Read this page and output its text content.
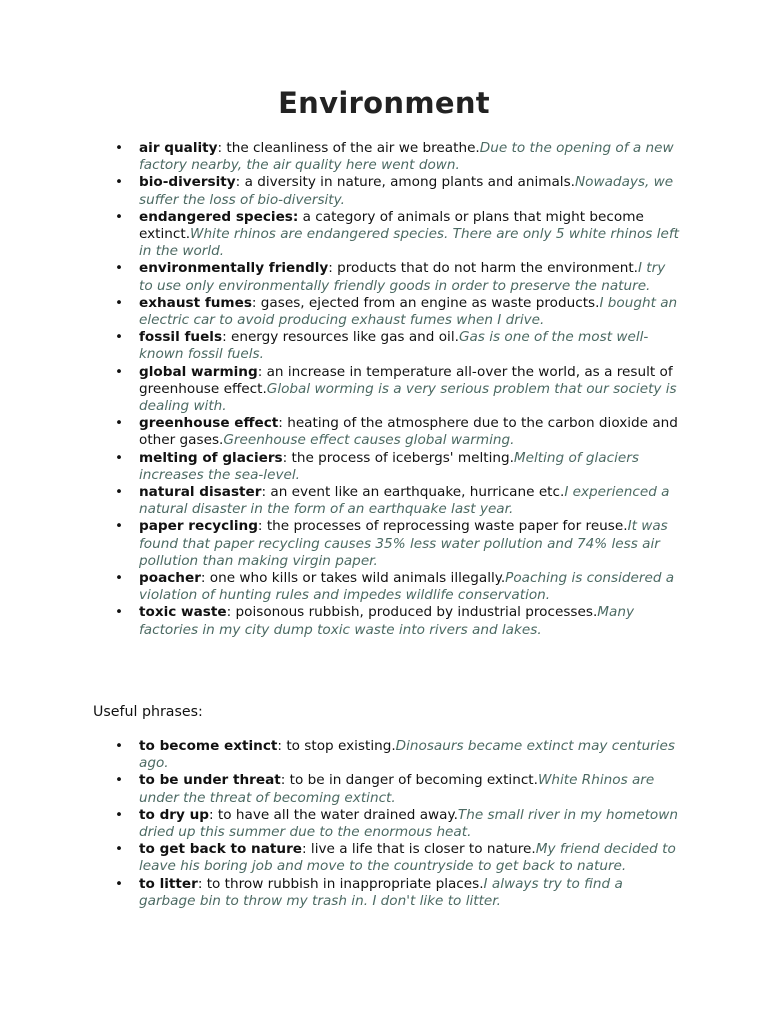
Environment
• air quality: the cleanliness of the air we breathe.Due to the opening of a new factory nearby, the air quality here went down.
• bio-diversity: a diversity in nature, among plants and animals.Nowadays, we suffer the loss of bio-diversity.
• endangered species: a category of animals or plans that might become extinct.White rhinos are endangered species. There are only 5 white rhinos left in the world.
• environmentally friendly: products that do not harm the environment.I try to use only environmentally friendly goods in order to preserve the nature.
• exhaust fumes: gases, ejected from an engine as waste products.I bought an electric car to avoid producing exhaust fumes when I drive.
• fossil fuels: energy resources like gas and oil.Gas is one of the most well-known fossil fuels.
• global warming: an increase in temperature all-over the world, as a result of greenhouse effect.Global worming is a very serious problem that our society is dealing with.
• greenhouse effect: heating of the atmosphere due to the carbon dioxide and other gases.Greenhouse effect causes global warming.
• melting of glaciers: the process of icebergs' melting.Melting of glaciers increases the sea-level.
• natural disaster: an event like an earthquake, hurricane etc.I experienced a natural disaster in the form of an earthquake last year.
• paper recycling: the processes of reprocessing waste paper for reuse.It was found that paper recycling causes 35% less water pollution and 74% less air pollution than making virgin paper.
• poacher: one who kills or takes wild animals illegally.Poaching is considered a violation of hunting rules and impedes wildlife conservation.
• toxic waste: poisonous rubbish, produced by industrial processes.Many factories in my city dump toxic waste into rivers and lakes.

Useful phrases:

• to become extinct: to stop existing.Dinosaurs became extinct may centuries ago.
• to be under threat: to be in danger of becoming extinct.White Rhinos are under the threat of becoming extinct.
• to dry up: to have all the water drained away.The small river in my hometown dried up this summer due to the enormous heat.
• to get back to nature: live a life that is closer to nature.My friend decided to leave his boring job and move to the countryside to get back to nature.
• to litter: to throw rubbish in inappropriate places.I always try to find a garbage bin to throw my trash in. I don't like to litter.
